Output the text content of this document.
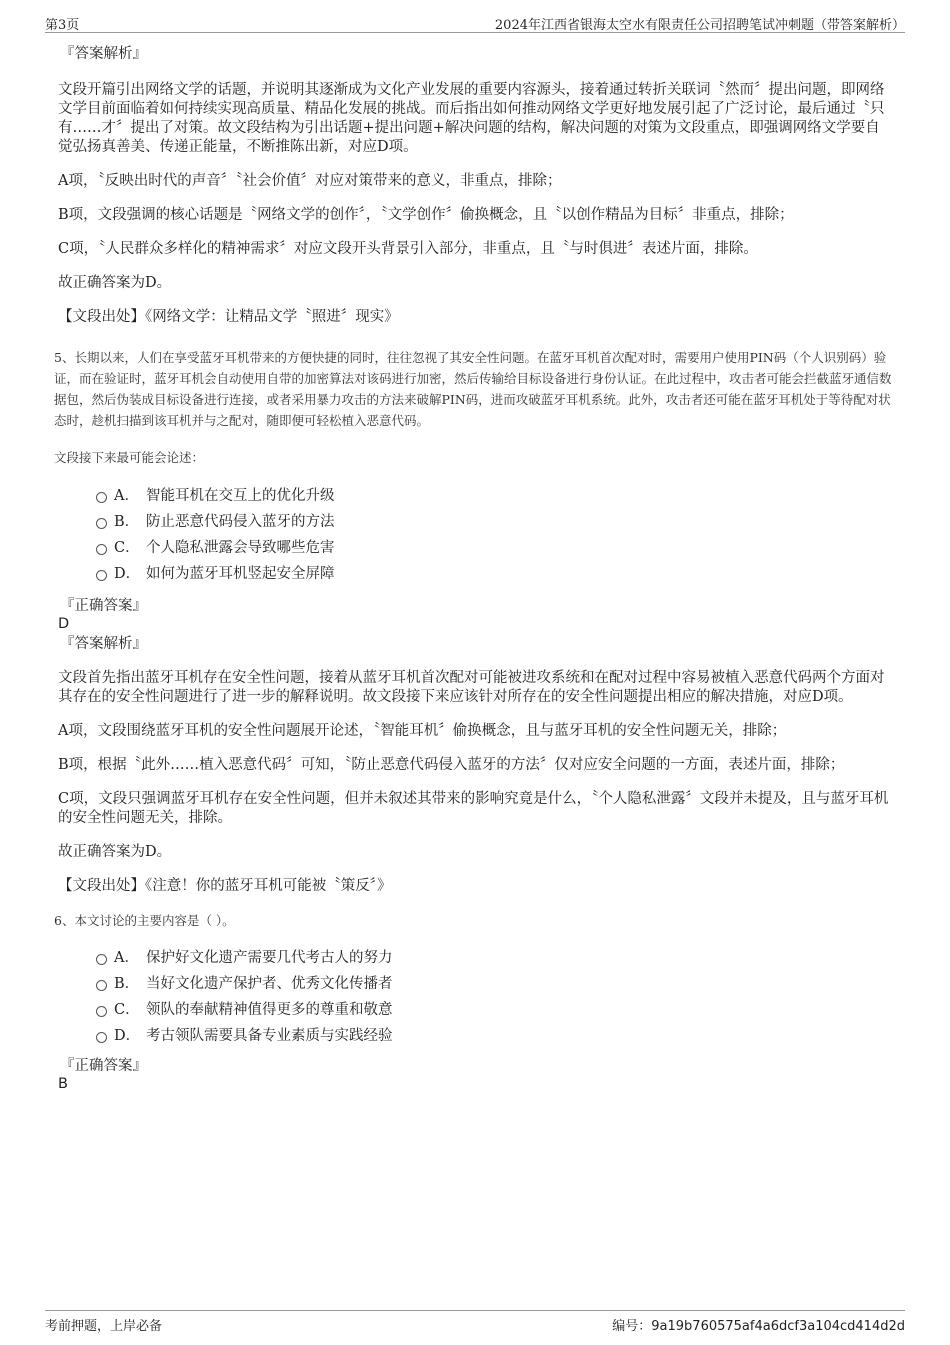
第3页	2024年江西省银海太空水有限责任公司招聘笔试冲刺题（带答案解析）

『答案解析』

文段开篇引出网络文学的话题，并说明其逐渐成为文化产业发展的重要内容源头，接着通过转折关联词〝然而〞提出问题，即网络文学目前面临着如何持续实现高质量、精品化发展的挑战。而后指出如何推动网络文学更好地发展引起了广泛讨论，最后通过〝只有……才〞提出了对策。故文段结构为引出话题+提出问题+解决问题的结构，解决问题的对策为文段重点，即强调网络文学要自觉弘扬真善美、传递正能量，不断推陈出新，对应D项。

A项，〝反映出时代的声音〞〝社会价值〞对应对策带来的意义，非重点，排除；

B项，文段强调的核心话题是〝网络文学的创作〞，〝文学创作〞偷换概念，且〝以创作精品为目标〞非重点，排除；

C项，〝人民群众多样化的精神需求〞对应文段开头背景引入部分，非重点，且〝与时俱进〞表述片面，排除。

故正确答案为D。

【文段出处】《网络文学：让精品文学〝照进〞现实》

5、长期以来，人们在享受蓝牙耳机带来的方便快捷的同时，往往忽视了其安全性问题。在蓝牙耳机首次配对时，需要用户使用PIN码（个人识别码）验证，而在验证时，蓝牙耳机会自动使用自带的加密算法对该码进行加密，然后传输给目标设备进行身份认证。在此过程中，攻击者可能会拦截蓝牙通信数据包，然后伪装成目标设备进行连接，或者采用暴力攻击的方法来破解PIN码，进而攻破蓝牙耳机系统。此外，攻击者还可能在蓝牙耳机处于等待配对状态时，趁机扫描到该耳机并与之配对，随即便可轻松植入恶意代码。

文段接下来最可能会论述：

A． 智能耳机在交互上的优化升级
B． 防止恶意代码侵入蓝牙的方法
C． 个人隐私泄露会导致哪些危害
D． 如何为蓝牙耳机竖起安全屏障

『正确答案』

D

『答案解析』

文段首先指出蓝牙耳机存在安全性问题，接着从蓝牙耳机首次配对可能被进攻系统和在配对过程中容易被植入恶意代码两个方面对其存在的安全性问题进行了进一步的解释说明。故文段接下来应该针对所存在的安全性问题提出相应的解决措施，对应D项。

A项，文段围绕蓝牙耳机的安全性问题展开论述，〝智能耳机〞偷换概念，且与蓝牙耳机的安全性问题无关，排除；

B项，根据〝此外……植入恶意代码〞可知，〝防止恶意代码侵入蓝牙的方法〞仅对应安全问题的一方面，表述片面，排除；

C项，文段只强调蓝牙耳机存在安全性问题，但并未叙述其带来的影响究竟是什么，〝个人隐私泄露〞文段并未提及，且与蓝牙耳机的安全性问题无关，排除。

故正确答案为D。

【文段出处】《注意！你的蓝牙耳机可能被〝策反〞》

6、本文讨论的主要内容是（ ）。

A． 保护好文化遗产需要几代考古人的努力
B． 当好文化遗产保护者、优秀文化传播者
C． 领队的奉献精神值得更多的尊重和敬意
D． 考古领队需要具备专业素质与实践经验

『正确答案』

B

考前押题，上岸必备	编号：9a19b760575af4a6dcf3a104cd414d2d
